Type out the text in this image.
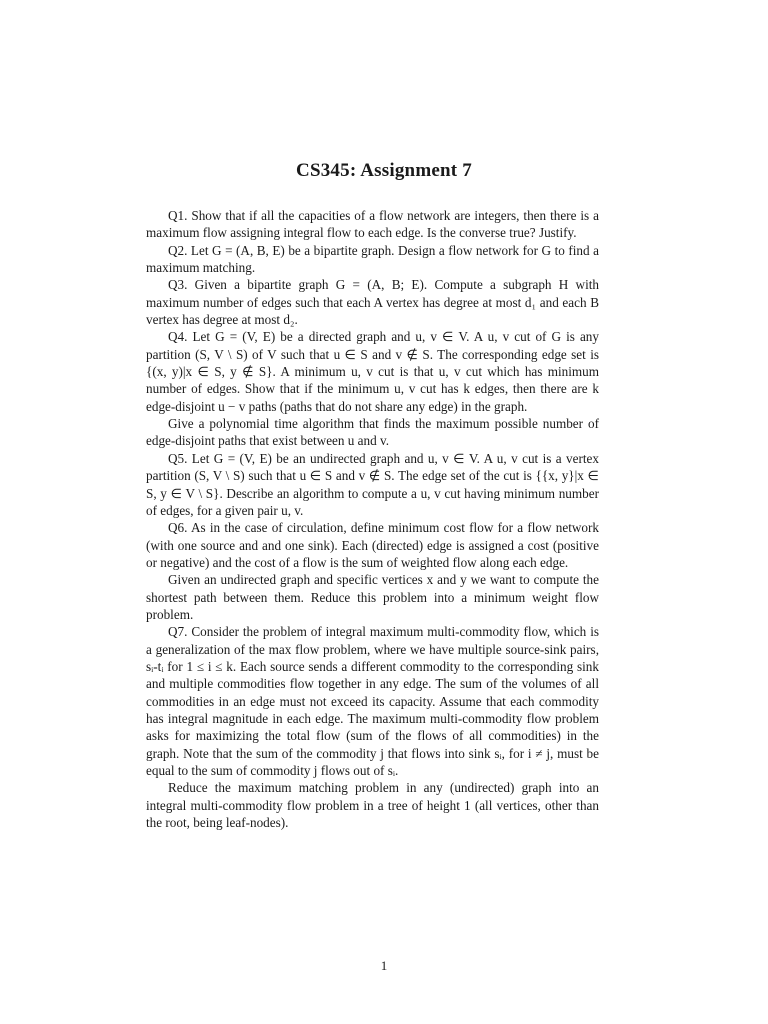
CS345: Assignment 7

Q1. Show that if all the capacities of a flow network are integers, then there is a maximum flow assigning integral flow to each edge. Is the converse true? Justify.

Q2. Let G = (A, B, E) be a bipartite graph. Design a flow network for G to find a maximum matching.

Q3. Given a bipartite graph G = (A, B; E). Compute a subgraph H with maximum number of edges such that each A vertex has degree at most d₁ and each B vertex has degree at most d₂.

Q4. Let G = (V, E) be a directed graph and u, v ∈ V. A u, v cut of G is any partition (S, V \ S) of V such that u ∈ S and v ∉ S. The corresponding edge set is {(x, y)|x ∈ S, y ∉ S}. A minimum u, v cut is that u, v cut which has minimum number of edges. Show that if the minimum u, v cut has k edges, then there are k edge-disjoint u − v paths (paths that do not share any edge) in the graph.

Give a polynomial time algorithm that finds the maximum possible number of edge-disjoint paths that exist between u and v.

Q5. Let G = (V, E) be an undirected graph and u, v ∈ V. A u, v cut is a vertex partition (S, V \ S) such that u ∈ S and v ∉ S. The edge set of the cut is {{x, y}|x ∈ S, y ∈ V \ S}. Describe an algorithm to compute a u, v cut having minimum number of edges, for a given pair u, v.

Q6. As in the case of circulation, define minimum cost flow for a flow network (with one source and and one sink). Each (directed) edge is assigned a cost (positive or negative) and the cost of a flow is the sum of weighted flow along each edge.

Given an undirected graph and specific vertices x and y we want to compute the shortest path between them. Reduce this problem into a minimum weight flow problem.

Q7. Consider the problem of integral maximum multi-commodity flow, which is a generalization of the max flow problem, where we have multiple source-sink pairs, sᵢ-tᵢ for 1 ≤ i ≤ k. Each source sends a different commodity to the corresponding sink and multiple commodities flow together in any edge. The sum of the volumes of all commodities in an edge must not exceed its capacity. Assume that each commodity has integral magnitude in each edge. The maximum multi-commodity flow problem asks for maximizing the total flow (sum of the flows of all commodities) in the graph. Note that the sum of the commodity j that flows into sink sᵢ, for i ≠ j, must be equal to the sum of commodity j flows out of sᵢ.

Reduce the maximum matching problem in any (undirected) graph into an integral multi-commodity flow problem in a tree of height 1 (all vertices, other than the root, being leaf-nodes).

1
